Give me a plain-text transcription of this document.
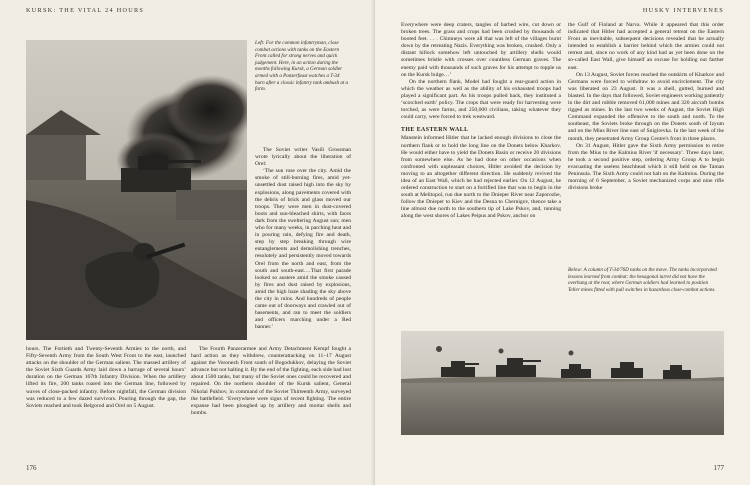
KURSK: THE VITAL 24 HOURS
Left: For the common infantryman, close combat actions with tanks on the Eastern Front called for strong nerves and quick judgement. Here, in an action during the months following Kursk, a German soldier armed with a Panzerfaust watches a T-34 burn after a classic infantry tank ambush at a farm.

The Soviet writer Vasili Grossman wrote lyrically about the liberation of Orel:

‘The sun rose over the city. Amid the smoke of still-burning fires, amid yet-unsettled dust raised high into the sky by explosions, along pavements covered with the debris of brick and glass moved our troops. They were men in dust-covered boots and sun-bleached shirts, with faces dark from the sweltering August sun; men who for many weeks, in parching heat and in pouring rain, defying fire and death, step by step breaking through wire entanglements and demolishing trenches, resolutely and persistently moved towards Orel from the north and east, from the south and south-east.…That first parade looked so austere amid the smoke caused by fires and dust raised by explosions, amid the high haze shading the sky above the city in ruins. And hundreds of people came out of doorways and crawled out of basements, and ran to meet the soldiers and officers marching under a Red banner.’

hours. The Fortieth and Twenty-Seventh Armies to the north, and Fifty-Seventh Army from the South West Front to the east, launched attacks on the shoulder of the German salient. The massed artillery of the Soviet Sixth Guards Army laid down a barrage of several hours’ duration on the German 167th Infantry Division. When the artillery lifted its fire, 200 tanks roared into the German line, followed by waves of close-packed infantry. Before nightfall, the German division was reduced to a few dazed survivors. Pouring through the gap, the Soviets reached and took Belgorod and Orel on 5 August.

The Fourth Panzerarmee and Army Detachment Kempf fought a hard action as they withdrew, counterattacking on 11–17 August against the Voronezh Front south of Bogodukhov, delaying the Soviet advance but not halting it. By the end of the fighting, each side had lost about 1500 tanks, but many of the Soviet ones could be recovered and repaired. On the northern shoulder of the Kursk salient, General Nikolai Pukhov, in command of the Soviet Thirteenth Army, surveyed the battlefield. ‘Everywhere were signs of recent fighting. The entire expanse had been ploughed up by artillery and mortar shells and bombs.

176
HUSKY INTERVENES

Everywhere were deep craters, tangles of barbed wire, cut down or broken trees. The grass and crops had been crushed by thousands of booted feet. . . . Chimneys were all that was left of the villages burnt down by the retreating Nazis. Everything was broken, crushed. Only a distant hillock somehow left untouched by artillery shells would sometimes bristle with crosses over countless German graves. The enemy paid with thousands of such graves for his attempt to topple us on the Kursk bulge…’

On the northern flank, Model had fought a rear-guard action in which the weather as well as the ability of his exhausted troops had played a significant part. As his troops pulled back, they instituted a ‘scorched earth’ policy. The crops that were ready for harvesting were torched, as were farms, and 250,000 civilians, taking whatever they could carry, were forced to trek westward.

THE EASTERN WALL

Manstein informed Hitler that he lacked enough divisions to close the northern flank or to hold the long line on the Donets below Kharkov. He would either have to yield the Donets Basin or receive 20 divisions from somewhere else. As he had done on other occasions when confronted with unpleasant choices, Hitler avoided the decision by moving to an altogether different direction. He suddenly revived the idea of an East Wall, which he had rejected earlier. On 12 August, he ordered construction to start on a fortified line that was to begin in the south at Melitopol, run due north to the Dnieper River near Zaporozhe, follow the Dnieper to Kiev and the Desna to Chernigov, thence take a line almost due north to the southern tip of Lake Pskov, and, running along the west shores of Lakes Peipus and Pskov, anchor on

the Gulf of Finland at Narva. While it appeared that this order indicated that Hitler had accepted a general retreat on the Eastern Front as inevitable, subsequent decisions revealed that he actually intended to establish a barrier behind which the armies could not retreat and, since no work of any kind had as yet been done on the so-called East Wall, give himself an excuse for holding out farther east.

On 13 August, Soviet forces reached the outskirts of Kharkov and Germans were forced to withdraw to avoid encirclement. The city was liberated on 23 August. It was a shell, gutted, burned and blasted. In the days that followed, Soviet engineers working patiently in the dirt and rubble removed 61,000 mines and 320 aircraft bombs rigged as mines. In the last two weeks of August, the Soviet High Command expanded the offensive to the south and north. To the southeast, the Soviets broke through on the Donets south of Izyum and on the Mius River line east of Snigirevka. In the last week of the month, they penetrated Army Group Centre's front in three places.

On 31 August, Hitler gave the Sixth Army permission to retire from the Mius to the Kalmius River 'if necessary'. Three days later, he took a second positive step, ordering Army Group A to begin evacuating the useless beachhead which it still held on the Taman Peninsula. The Sixth Army could not halt on the Kalmius. During the morning of 6 September, a Soviet mechanized corps and nine rifle divisions broke

Below: A column of T-34/76D tanks on the move. The tanks incorporated lessons learned from combat: the hexagonal turret did not have the overhang at the rear, where German soldiers had learned to position Teller mines fitted with pull switches in hazardous close-combat actions.
177
